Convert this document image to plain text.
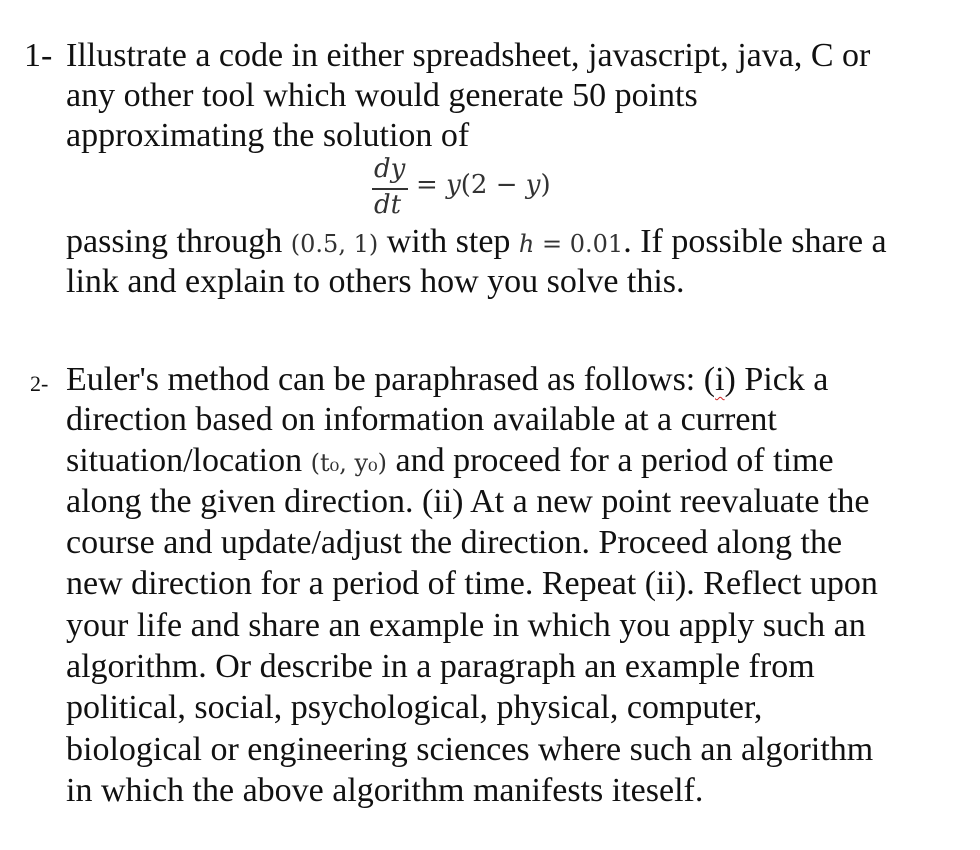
1- Illustrate a code in either spreadsheet, javascript, java, C or
any other tool which would generate 50 points
approximating the solution of
dy
dt
= y(2 − y)
passing through (0.5, 1) with step h = 0.01. If possible share a
link and explain to others how you solve this.
2- Euler's method can be paraphrased as follows: (i) Pick a
direction based on information available at a current
situation/location (t₀, y₀) and proceed for a period of time
along the given direction. (ii) At a new point reevaluate the
course and update/adjust the direction. Proceed along the
new direction for a period of time. Repeat (ii). Reflect upon
your life and share an example in which you apply such an
algorithm. Or describe in a paragraph an example from
political, social, psychological, physical, computer,
biological or engineering sciences where such an algorithm
in which the above algorithm manifests iteself.
